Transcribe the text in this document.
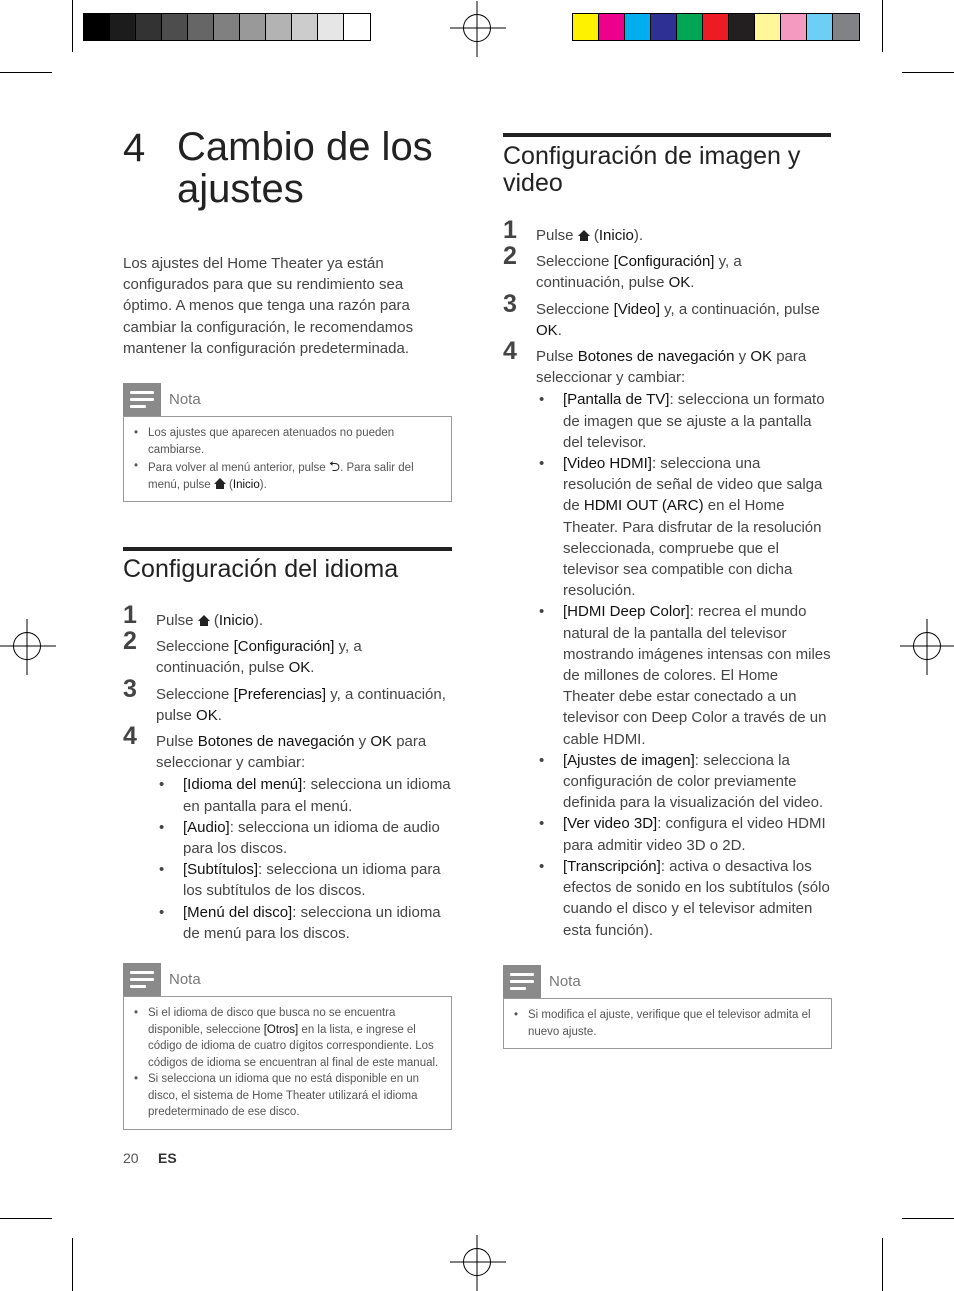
4 Cambio de los ajustes

Los ajustes del Home Theater ya están configurados para que su rendimiento sea óptimo. A menos que tenga una razón para cambiar la configuración, le recomendamos mantener la configuración predeterminada.

Nota
• Los ajustes que aparecen atenuados no pueden cambiarse.
• Para volver al menú anterior, pulse ⮌. Para salir del menú, pulse  (Inicio).
Configuración del idioma
1 Pulse  (Inicio).
2 Seleccione [Configuración] y, a continuación, pulse OK.
3 Seleccione [Preferencias] y, a continuación, pulse OK.
4 Pulse Botones de navegación y OK para seleccionar y cambiar:
• [Idioma del menú]: selecciona un idioma en pantalla para el menú.
• [Audio]: selecciona un idioma de audio para los discos.
• [Subtítulos]: selecciona un idioma para los subtítulos de los discos.
• [Menú del disco]: selecciona un idioma de menú para los discos.
Nota
• Si el idioma de disco que busca no se encuentra disponible, seleccione [Otros] en la lista, e ingrese el código de idioma de cuatro dígitos correspondiente. Los códigos de idioma se encuentran al final de este manual.
• Si selecciona un idioma que no está disponible en un disco, el sistema de Home Theater utilizará el idioma predeterminado de ese disco.
Configuración de imagen y video
1 Pulse  (Inicio).
2 Seleccione [Configuración] y, a continuación, pulse OK.
3 Seleccione [Video] y, a continuación, pulse OK.
4 Pulse Botones de navegación y OK para seleccionar y cambiar:
• [Pantalla de TV]: selecciona un formato de imagen que se ajuste a la pantalla del televisor.
• [Video HDMI]: selecciona una resolución de señal de video que salga de HDMI OUT (ARC) en el Home Theater. Para disfrutar de la resolución seleccionada, compruebe que el televisor sea compatible con dicha resolución.
• [HDMI Deep Color]: recrea el mundo natural de la pantalla del televisor mostrando imágenes intensas con miles de millones de colores. El Home Theater debe estar conectado a un televisor con Deep Color a través de un cable HDMI.
• [Ajustes de imagen]: selecciona la configuración de color previamente definida para la visualización del video.
• [Ver video 3D]: configura el video HDMI para admitir video 3D o 2D.
• [Transcripción]: activa o desactiva los efectos de sonido en los subtítulos (sólo cuando el disco y el televisor admiten esta función).
Nota
• Si modifica el ajuste, verifique que el televisor admita el nuevo ajuste.
20 ES
